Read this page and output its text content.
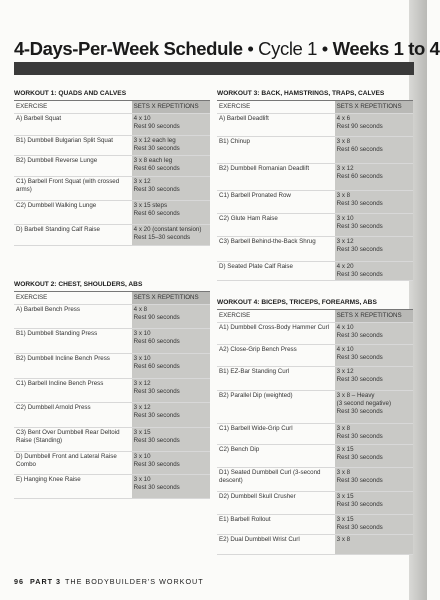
4-Days-Per-Week Schedule • Cycle 1 • Weeks 1 to 4
WORKOUT 1: QUADS AND CALVES
EXERCISE	SETS X REPETITIONS
A) Barbell Squat	4 x 10
Rest 90 seconds

B1) Dumbbell Bulgarian Split Squat	3 x 12 each leg
Rest 30 seconds

B2) Dumbbell Reverse Lunge	3 x 8 each leg
Rest 60 seconds

C1) Barbell Front Squat (with crossed arms)	3 x 12
Rest 30 seconds

C2) Dumbbell Walking Lunge	3 x 15 steps
Rest 60 seconds

D) Barbell Standing Calf Raise	4 x 20 (constant tension)
Rest 15–30 seconds
WORKOUT 2: CHEST, SHOULDERS, ABS
EXERCISE	SETS X REPETITIONS
A) Barbell Bench Press	4 x 8
Rest 90 seconds

B1) Dumbbell Standing Press	3 x 10
Rest 60 seconds

B2) Dumbbell Incline Bench Press	3 x 10
Rest 60 seconds

C1) Barbell Incline Bench Press	3 x 12
Rest 30 seconds

C2) Dumbbell Arnold Press	3 x 12
Rest 30 seconds

C3) Bent Over Dumbbell Rear Deltoid Raise (Standing)	3 x 15
Rest 30 seconds

D) Dumbbell Front and Lateral Raise Combo	3 x 10
Rest 30 seconds

E) Hanging Knee Raise	3 x 10
Rest 30 seconds
WORKOUT 3: BACK, HAMSTRINGS, TRAPS, CALVES
EXERCISE	SETS X REPETITIONS
A) Barbell Deadlift	4 x 6
Rest 90 seconds

B1) Chinup	3 x 8
Rest 60 seconds

B2) Dumbbell Romanian Deadlift	3 x 12
Rest 60 seconds

C1) Barbell Pronated Row	3 x 8
Rest 30 seconds

C2) Glute Ham Raise	3 x 10
Rest 30 seconds

C3) Barbell Behind-the-Back Shrug	3 x 12
Rest 30 seconds

D) Seated Plate Calf Raise	4 x 20
Rest 30 seconds
WORKOUT 4: BICEPS, TRICEPS, FOREARMS, ABS
EXERCISE	SETS X REPETITIONS
A1) Dumbbell Cross-Body Hammer Curl	4 x 10
Rest 30 seconds

A2) Close-Grip Bench Press	4 x 10
Rest 30 seconds

B1) EZ-Bar Standing Curl	3 x 12
Rest 30 seconds

B2) Parallel Dip (weighted)	3 x 8 – Heavy
(3 second negative)
Rest 30 seconds

C1) Barbell Wide-Grip Curl	3 x 8
Rest 30 seconds

C2) Bench Dip	3 x 15
Rest 30 seconds

D1) Seated Dumbbell Curl (3-second descent)	3 x 8
Rest 30 seconds

D2) Dumbbell Skull Crusher	3 x 15
Rest 30 seconds

E1) Barbell Rollout	3 x 15
Rest 30 seconds

E2) Dual Dumbbell Wrist Curl	3 x 8
96 PART 3 THE BODYBUILDER'S WORKOUT
